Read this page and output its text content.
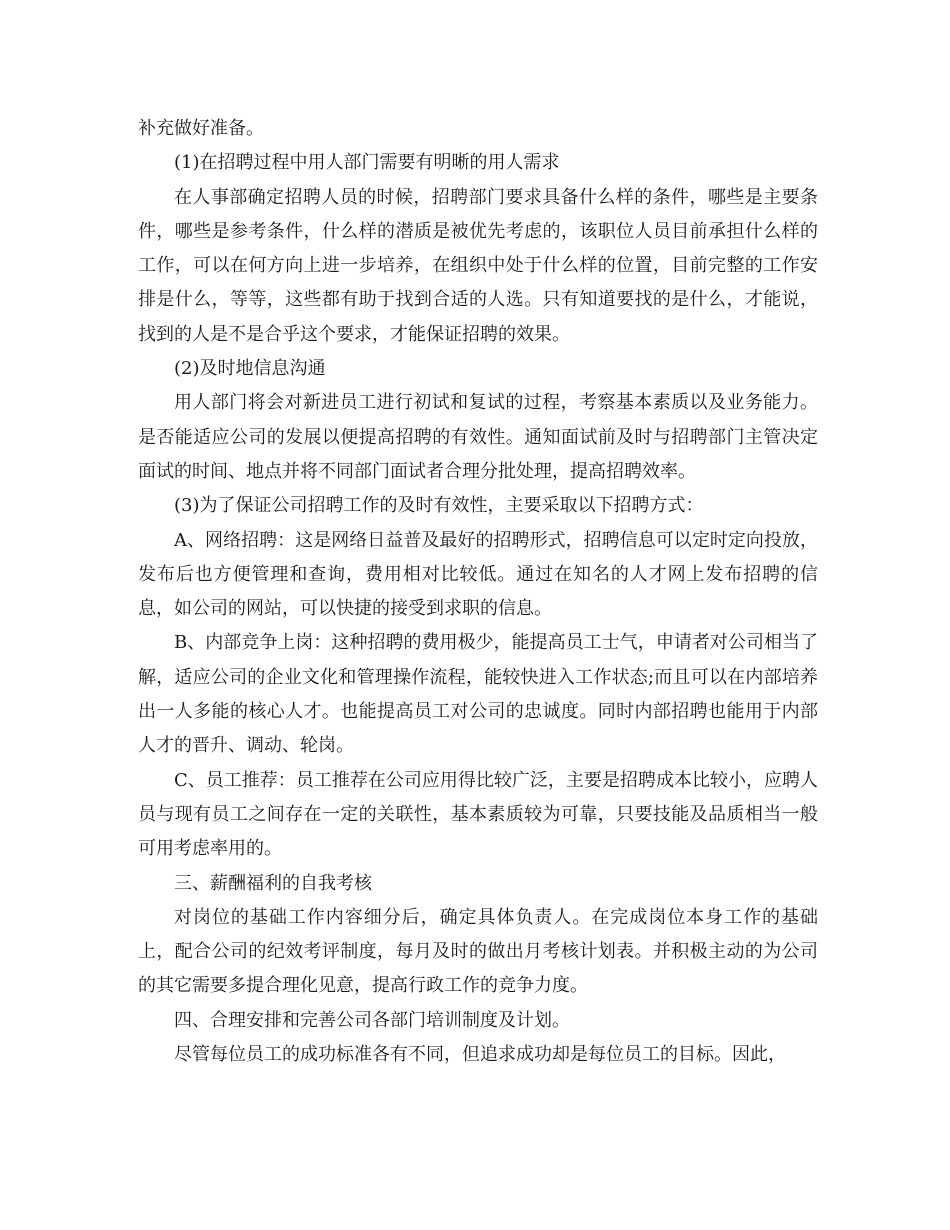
补充做好准备。

(1)在招聘过程中用人部门需要有明晰的用人需求

在人事部确定招聘人员的时候，招聘部门要求具备什么样的条件，哪些是主要条件，哪些是参考条件，什么样的潜质是被优先考虑的，该职位人员目前承担什么样的工作，可以在何方向上进一步培养，在组织中处于什么样的位置，目前完整的工作安排是什么，等等，这些都有助于找到合适的人选。只有知道要找的是什么，才能说，找到的人是不是合乎这个要求，才能保证招聘的效果。

(2)及时地信息沟通

用人部门将会对新进员工进行初试和复试的过程，考察基本素质以及业务能力。是否能适应公司的发展以便提高招聘的有效性。通知面试前及时与招聘部门主管决定面试的时间、地点并将不同部门面试者合理分批处理，提高招聘效率。

(3)为了保证公司招聘工作的及时有效性，主要采取以下招聘方式：

A、网络招聘：这是网络日益普及最好的招聘形式，招聘信息可以定时定向投放，发布后也方便管理和查询，费用相对比较低。通过在知名的人才网上发布招聘的信息，如公司的网站，可以快捷的接受到求职的信息。

B、内部竞争上岗：这种招聘的费用极少，能提高员工士气，申请者对公司相当了解，适应公司的企业文化和管理操作流程，能较快进入工作状态;而且可以在内部培养出一人多能的核心人才。也能提高员工对公司的忠诚度。同时内部招聘也能用于内部人才的晋升、调动、轮岗。

C、员工推荐：员工推荐在公司应用得比较广泛，主要是招聘成本比较小，应聘人员与现有员工之间存在一定的关联性，基本素质较为可靠，只要技能及品质相当一般可用考虑率用的。

三、薪酬福利的自我考核

对岗位的基础工作内容细分后，确定具体负责人。在完成岗位本身工作的基础上，配合公司的纪效考评制度，每月及时的做出月考核计划表。并积极主动的为公司的其它需要多提合理化见意，提高行政工作的竞争力度。

四、合理安排和完善公司各部门培训制度及计划。

尽管每位员工的成功标准各有不同，但追求成功却是每位员工的目标。因此，
